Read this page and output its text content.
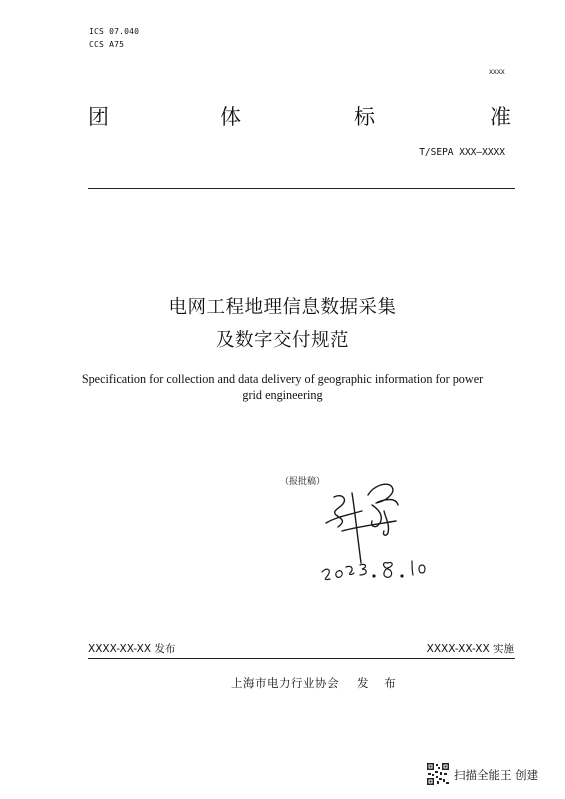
ICS 07.040
CCS A75
XXXX
团	体	标	准
T/SEPA XXX—XXXX
电网工程地理信息数据采集
及数字交付规范
Specification for collection and data delivery of geographic information for power
grid engineering
（报批稿）
XXXX-XX-XX 发布	XXXX-XX-XX 实施
上海市电力行业协会 发 布
扫描全能王 创建
